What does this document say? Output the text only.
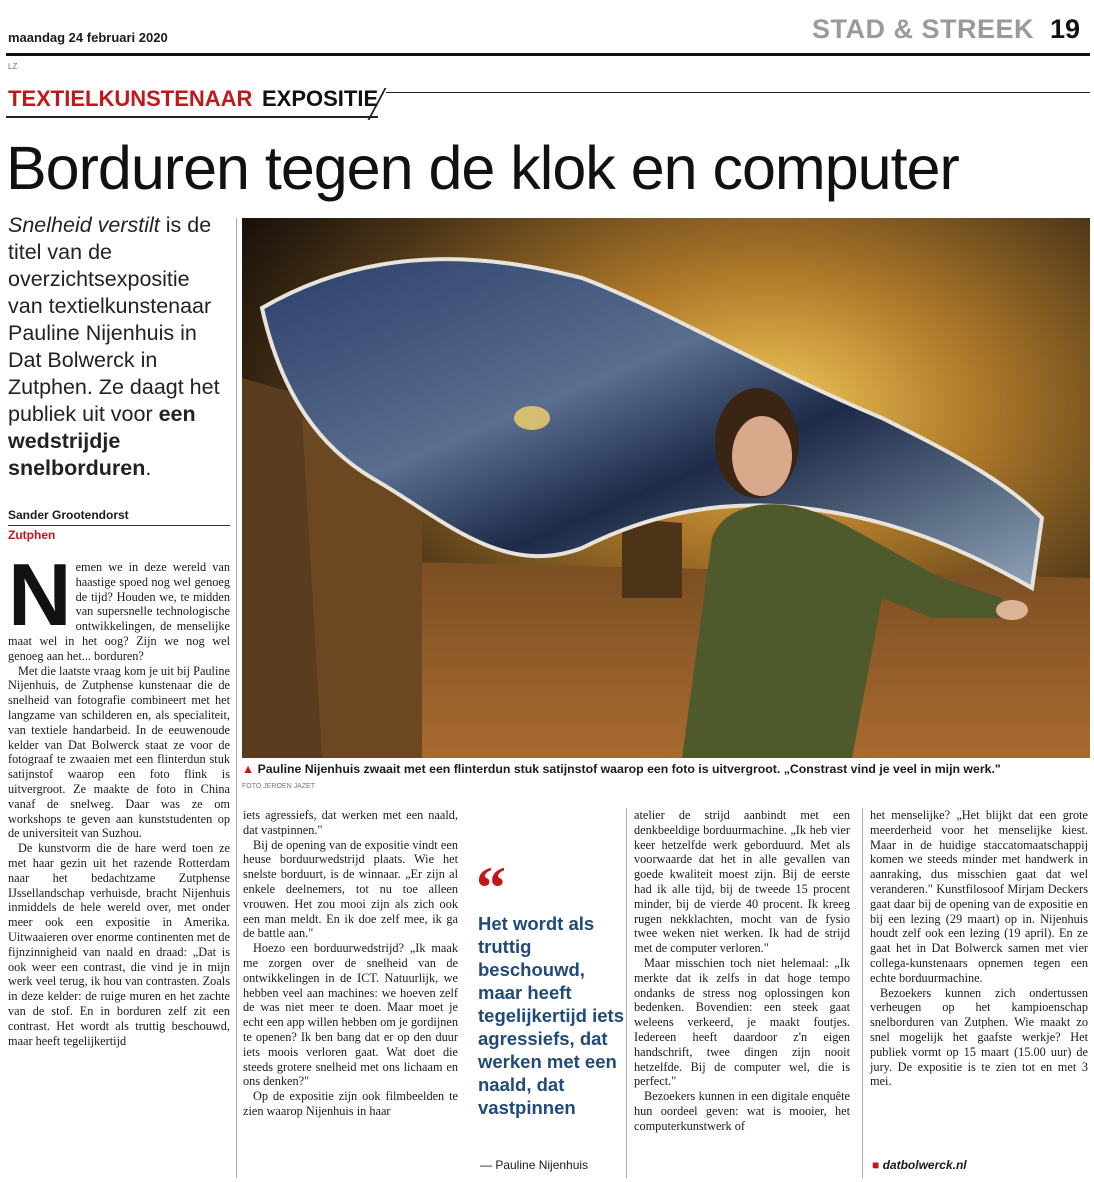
maandag 24 februari 2020	STAD & STREEK 19
LZ
TEXTIELKUNSTENAAR EXPOSITIE
Borduren tegen de klok en computer
Snelheid verstilt is de titel van de overzichtsexpositie van textielkunstenaar Pauline Nijenhuis in Dat Bolwerck in Zutphen. Ze daagt het publiek uit voor een wedstrijdje snelborduren.
Sander Grootendorst
Zutphen
▲ Pauline Nijenhuis zwaait met een flinterdun stuk satijnstof waarop een foto is uitvergroot. „Constrast vind je veel in mijn werk."
FOTO JEROEN JAZET
N emen we in deze wereld van haastige spoed nog wel genoeg de tijd? Houden we, te midden van supersnelle technologische ontwikkelingen, de menselijke maat wel in het oog? Zijn we nog wel genoeg aan het... borduren?

Met die laatste vraag kom je uit bij Pauline Nijenhuis, de Zutphense kunstenaar die de snelheid van fotografie combineert met het langzame van schilderen en, als specialiteit, van textiele handarbeid. In de eeuwenoude kelder van Dat Bolwerck staat ze voor de fotograaf te zwaaien met een flinterdun stuk satijnstof waarop een foto flink is uitvergroot. Ze maakte de foto in China vanaf de snelweg. Daar was ze om workshops te geven aan kunststudenten op de universiteit van Suzhou.

De kunstvorm die de hare werd toen ze met haar gezin uit het razende Rotterdam naar het bedachtzame Zutphense IJssellandschap verhuisde, bracht Nijenhuis inmiddels de hele wereld over, met onder meer ook een expositie in Amerika. Uitwaaieren over enorme continenten met de fijnzinnigheid van naald en draad: „Dat is ook weer een contrast, die vind je in mijn werk veel terug, ik hou van contrasten. Zoals in deze kelder: de ruige muren en het zachte van de stof. En in borduren zelf zit een contrast. Het wordt als truttig beschouwd, maar heeft tegelijkertijd

iets agressiefs, dat werken met een naald, dat vastpinnen."

Bij de opening van de expositie vindt een heuse borduurwedstrijd plaats. Wie het snelste borduurt, is de winnaar. „Er zijn al enkele deelnemers, tot nu toe alleen vrouwen. Het zou mooi zijn als zich ook een man meldt. En ik doe zelf mee, ik ga de battle aan."

Hoezo een borduurwedstrijd? „Ik maak me zorgen over de snelheid van de ontwikkelingen in de ICT. Natuurlijk, we hebben veel aan machines: we hoeven zelf de was niet meer te doen. Maar moet je echt een app willen hebben om je gordijnen te openen? Ik ben bang dat er op den duur iets moois verloren gaat. Wat doet die steeds grotere snelheid met ons lichaam en ons denken?"

Op de expositie zijn ook filmbeelden te zien waarop Nijenhuis in haar

“
Het wordt als truttig beschouwd, maar heeft tegelijkertijd iets agressiefs, dat werken met een naald, dat vastpinnen
— Pauline Nijenhuis

atelier de strijd aanbindt met een denkbeeldige borduurmachine. „Ik heb vier keer hetzelfde werk geborduurd. Met als voorwaarde dat het in alle gevallen van goede kwaliteit moest zijn. Bij de eerste had ik alle tijd, bij de tweede 15 procent minder, bij de vierde 40 procent. Ik kreeg rugen nekklachten, mocht van de fysio twee weken niet werken. Ik had de strijd met de computer verloren."

Maar misschien toch niet helemaal: „Ik merkte dat ik zelfs in dat hoge tempo ondanks de stress nog oplossingen kon bedenken. Bovendien: een steek gaat weleens verkeerd, je maakt foutjes. Iedereen heeft daardoor z'n eigen handschrift, twee dingen zijn nooit hetzelfde. Bij de computer wel, die is perfect."

Bezoekers kunnen in een digitale enquête hun oordeel geven: wat is mooier, het computerkunstwerk of

het menselijke? „Het blijkt dat een grote meerderheid voor het menselijke kiest. Maar in de huidige staccatomaatschappij komen we steeds minder met handwerk in aanraking, dus misschien gaat dat wel veranderen." Kunstfilosoof Mirjam Deckers gaat daar bij de opening van de expositie en bij een lezing (29 maart) op in. Nijenhuis houdt zelf ook een lezing (19 april). En ze gaat het in Dat Bolwerck samen met vier collega-kunstenaars opnemen tegen een echte borduurmachine.

Bezoekers kunnen zich ondertussen verheugen op het kampioenschap snelborduren van Zutphen. Wie maakt zo snel mogelijk het gaafste werkje? Het publiek vormt op 15 maart (15.00 uur) de jury. De expositie is te zien tot en met 3 mei.

■ datbolwerck.nl
